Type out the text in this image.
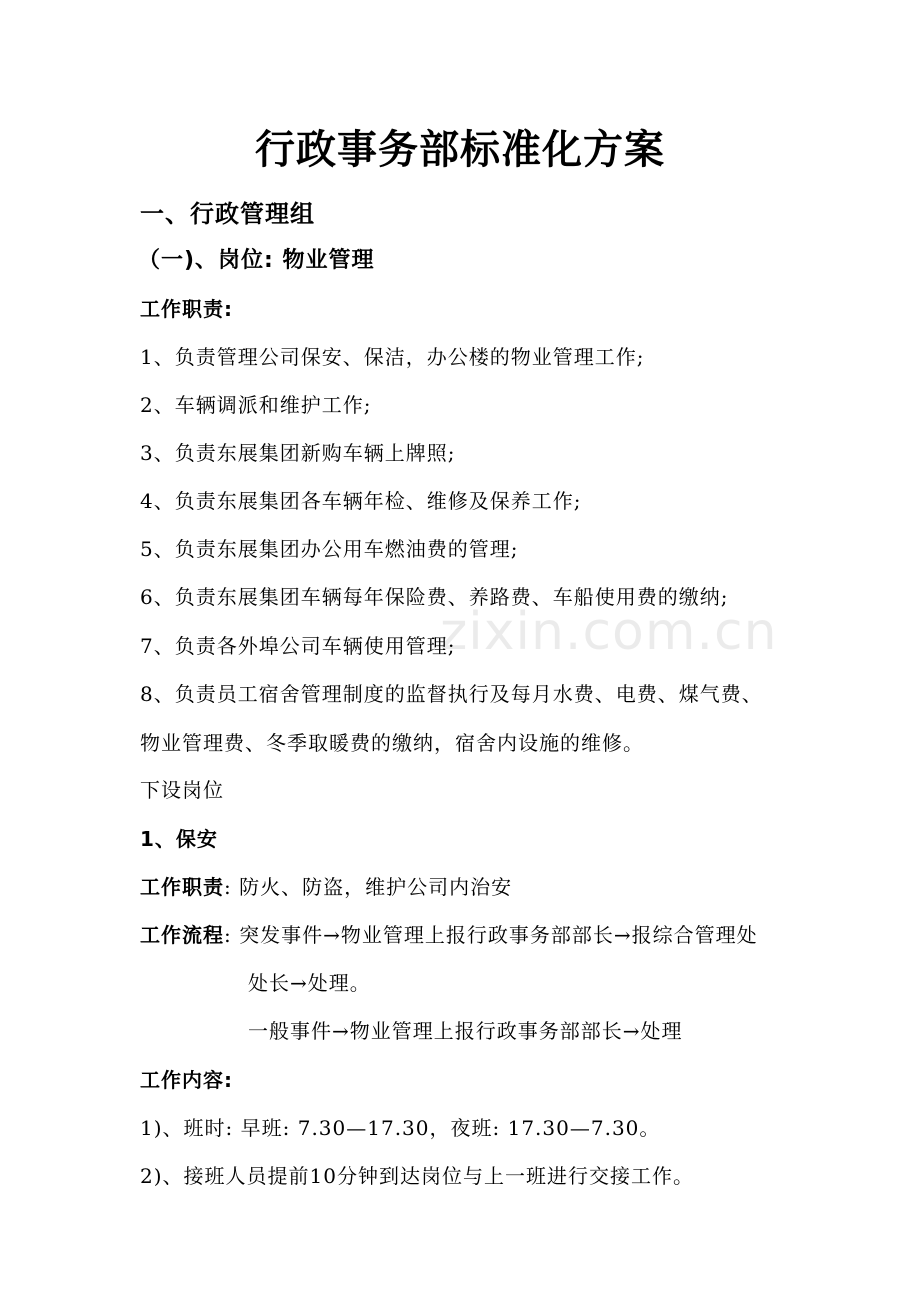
行政事务部标准化方案
一、行政管理组
（一)、岗位: 物业管理
工作职责:
1、负责管理公司保安、保洁，办公楼的物业管理工作;
2、车辆调派和维护工作;
3、负责东展集团新购车辆上牌照;
4、负责东展集团各车辆年检、维修及保养工作;
5、负责东展集团办公用车燃油费的管理;
6、负责东展集团车辆每年保险费、养路费、车船使用费的缴纳;
7、负责各外埠公司车辆使用管理;
8、负责员工宿舍管理制度的监督执行及每月水费、电费、煤气费、
物业管理费、冬季取暖费的缴纳，宿舍内设施的维修。
下设岗位
1、保安
工作职责: 防火、防盗，维护公司内治安
工作流程: 突发事件→物业管理上报行政事务部部长→报综合管理处
处长→处理。
一般事件→物业管理上报行政事务部部长→处理
工作内容:
1)、班时: 早班: 7.30—17.30，夜班: 17.30—7.30。
2)、接班人员提前10分钟到达岗位与上一班进行交接工作。
zixin.com.cn
